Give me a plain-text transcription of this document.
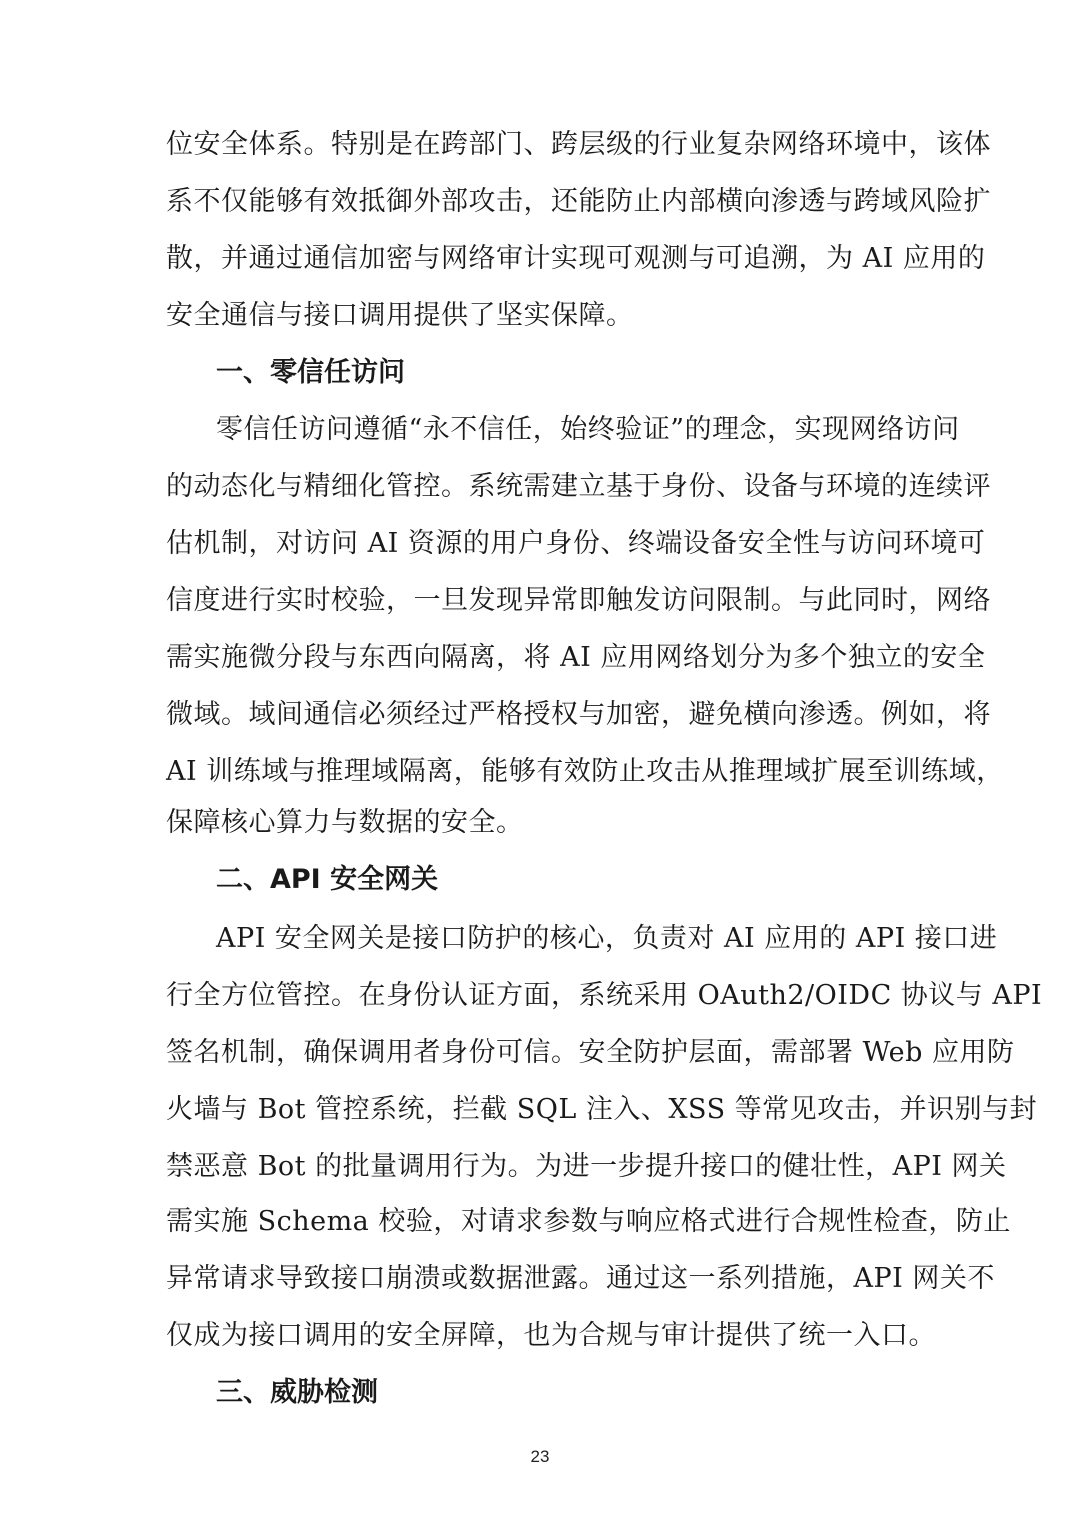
位安全体系。特别是在跨部门、跨层级的行业复杂网络环境中，该体
系不仅能够有效抵御外部攻击，还能防止内部横向渗透与跨域风险扩
散，并通过通信加密与网络审计实现可观测与可追溯，为 AI 应用的
安全通信与接口调用提供了坚实保障。
一、零信任访问
零信任访问遵循“永不信任，始终验证”的理念，实现网络访问
的动态化与精细化管控。系统需建立基于身份、设备与环境的连续评
估机制，对访问 AI 资源的用户身份、终端设备安全性与访问环境可
信度进行实时校验，一旦发现异常即触发访问限制。与此同时，网络
需实施微分段与东西向隔离，将 AI 应用网络划分为多个独立的安全
微域。域间通信必须经过严格授权与加密，避免横向渗透。例如，将
AI 训练域与推理域隔离，能够有效防止攻击从推理域扩展至训练域，
保障核心算力与数据的安全。
二、API 安全网关
API 安全网关是接口防护的核心，负责对 AI 应用的 API 接口进
行全方位管控。在身份认证方面，系统采用 OAuth2/OIDC 协议与 API
签名机制，确保调用者身份可信。安全防护层面，需部署 Web 应用防
火墙与 Bot 管控系统，拦截 SQL 注入、XSS 等常见攻击，并识别与封
禁恶意 Bot 的批量调用行为。为进一步提升接口的健壮性，API 网关
需实施 Schema 校验，对请求参数与响应格式进行合规性检查，防止
异常请求导致接口崩溃或数据泄露。通过这一系列措施，API 网关不
仅成为接口调用的安全屏障，也为合规与审计提供了统一入口。
三、威胁检测
23
